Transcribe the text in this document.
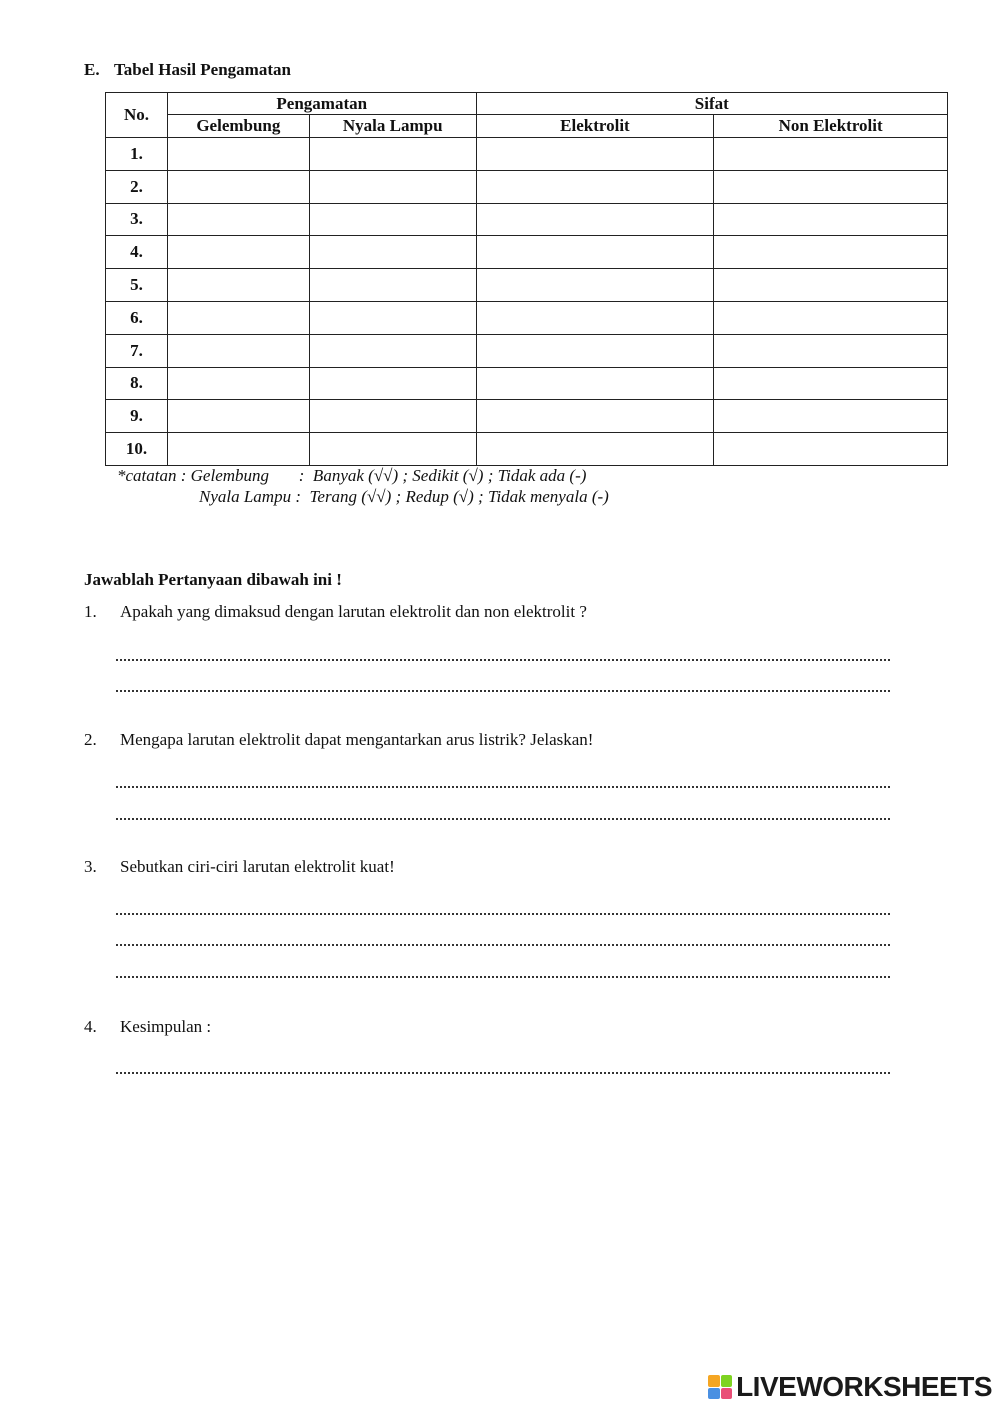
E. Tabel Hasil Pengamatan
No.	Pengamatan		Sifat	
	Gelembung	Nyala Lampu	Elektrolit	Non Elektrolit
1.				
2.				
3.				
4.				
5.				
6.				
7.				
8.				
9.				
10.				
*catatan : Gelembung       :  Banyak (√√) ; Sedikit (√) ; Tidak ada (-)
Nyala Lampu :  Terang (√√) ; Redup (√) ; Tidak menyala (-)
Jawablah Pertanyaan dibawah ini !
1. Apakah yang dimaksud dengan larutan elektrolit dan non elektrolit ?
2. Mengapa larutan elektrolit dapat mengantarkan arus listrik? Jelaskan!
3. Sebutkan ciri-ciri larutan elektrolit kuat!
4. Kesimpulan :
LIVEWORKSHEETS
